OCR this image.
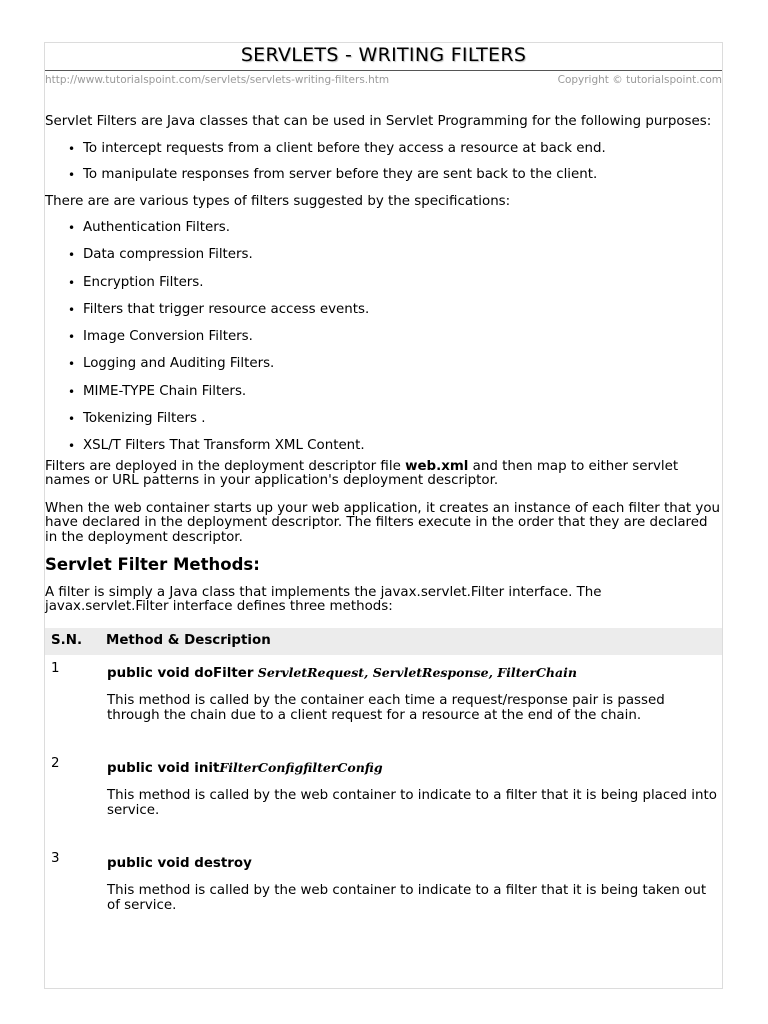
SERVLETS - WRITING FILTERS
http://www.tutorialspoint.com/servlets/servlets-writing-filters.htm	Copyright © tutorialspoint.com

Servlet Filters are Java classes that can be used in Servlet Programming for the following purposes:

• To intercept requests from a client before they access a resource at back end.
• To manipulate responses from server before they are sent back to the client.

There are are various types of filters suggested by the specifications:

• Authentication Filters.
• Data compression Filters.
• Encryption Filters.
• Filters that trigger resource access events.
• Image Conversion Filters.
• Logging and Auditing Filters.
• MIME-TYPE Chain Filters.
• Tokenizing Filters .
• XSL/T Filters That Transform XML Content.

Filters are deployed in the deployment descriptor file web.xml and then map to either servlet names or URL patterns in your application's deployment descriptor.

When the web container starts up your web application, it creates an instance of each filter that you have declared in the deployment descriptor. The filters execute in the order that they are declared in the deployment descriptor.

Servlet Filter Methods:

A filter is simply a Java class that implements the javax.servlet.Filter interface. The javax.servlet.Filter interface defines three methods:

S.N.	Method & Description
1	public void doFilter ServletRequest, ServletResponse, FilterChain
This method is called by the container each time a request/response pair is passed through the chain due to a client request for a resource at the end of the chain.

2	public void initFilterConfigfilterConfig
This method is called by the web container to indicate to a filter that it is being placed into service.

3	public void destroy
This method is called by the web container to indicate to a filter that it is being taken out of service.
